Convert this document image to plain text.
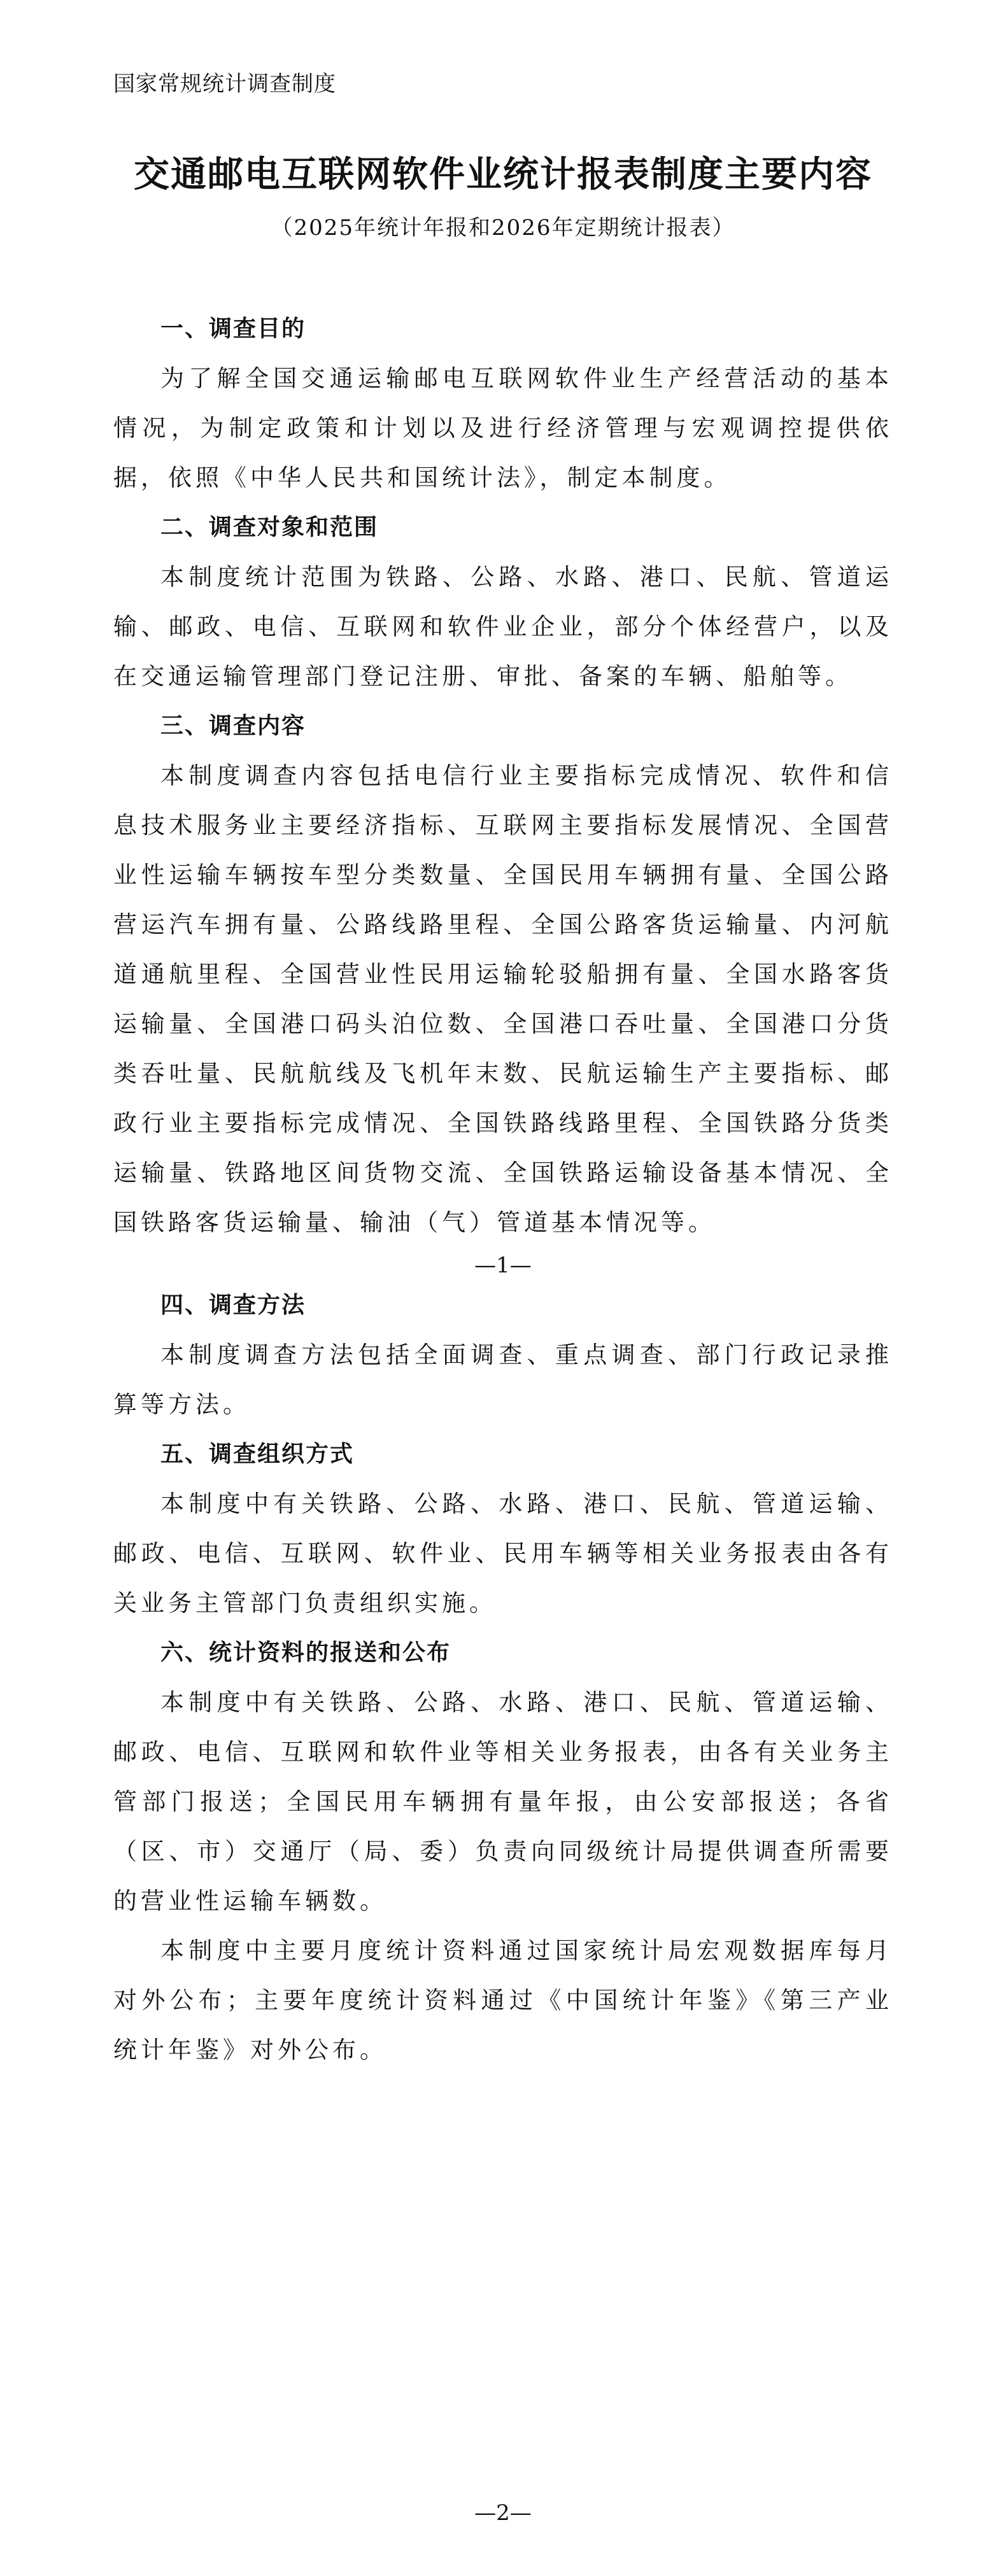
国家常规统计调查制度
交通邮电互联网软件业统计报表制度主要内容
（2025年统计年报和2026年定期统计报表）
一、调查目的

为了解全国交通运输邮电互联网软件业生产经营活动的基本情况，为制定政策和计划以及进行经济管理与宏观调控提供依据，依照《中华人民共和国统计法》，制定本制度。

二、调查对象和范围

本制度统计范围为铁路、公路、水路、港口、民航、管道运输、邮政、电信、互联网和软件业企业，部分个体经营户，以及在交通运输管理部门登记注册、审批、备案的车辆、船舶等。

三、调查内容

本制度调查内容包括电信行业主要指标完成情况、软件和信息技术服务业主要经济指标、互联网主要指标发展情况、全国营业性运输车辆按车型分类数量、全国民用车辆拥有量、全国公路营运汽车拥有量、公路线路里程、全国公路客货运输量、内河航道通航里程、全国营业性民用运输轮驳船拥有量、全国水路客货运输量、全国港口码头泊位数、全国港口吞吐量、全国港口分货类吞吐量、民航航线及飞机年末数、民航运输生产主要指标、邮政行业主要指标完成情况、全国铁路线路里程、全国铁路分货类运输量、铁路地区间货物交流、全国铁路运输设备基本情况、全国铁路客货运输量、输油（气）管道基本情况等。

—1—
四、调查方法

本制度调查方法包括全面调查、重点调查、部门行政记录推算等方法。

五、调查组织方式

本制度中有关铁路、公路、水路、港口、民航、管道运输、邮政、电信、互联网、软件业、民用车辆等相关业务报表由各有关业务主管部门负责组织实施。

六、统计资料的报送和公布

本制度中有关铁路、公路、水路、港口、民航、管道运输、邮政、电信、互联网和软件业等相关业务报表，由各有关业务主管部门报送；全国民用车辆拥有量年报，由公安部报送；各省（区、市）交通厅（局、委）负责向同级统计局提供调查所需要的营业性运输车辆数。

本制度中主要月度统计资料通过国家统计局宏观数据库每月对外公布；主要年度统计资料通过《中国统计年鉴》《第三产业统计年鉴》对外公布。

—2—
